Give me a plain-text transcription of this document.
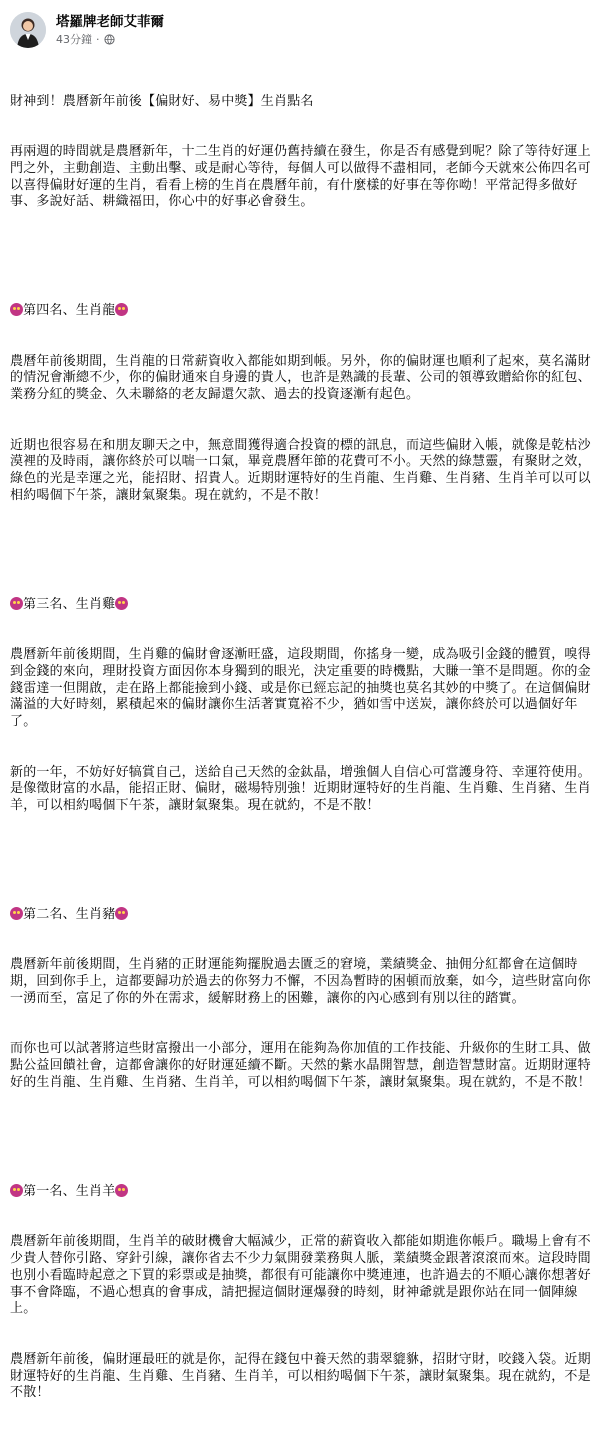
塔羅牌老師艾菲爾
43分鐘 ·

財神到！農曆新年前後【偏財好、易中獎】生肖點名

再兩週的時間就是農曆新年，十二生肖的好運仍舊持續在發生，你是否有感覺到呢？除了等待好運上門之外，主動創造、主動出擊、或是耐心等待，每個人可以做得不盡相同，老師今天就來公佈四名可以喜得偏財好運的生肖，看看上榜的生肖在農曆年前，有什麼樣的好事在等你呦！平常記得多做好事、多說好話、耕織福田，你心中的好事必會發生。

第四名、生肖龍

農曆年前後期間，生肖龍的日常薪資收入都能如期到帳。另外，你的偏財運也順利了起來，莫名滿財的情況會漸總不少，你的偏財通來自身邊的貴人，也許是熟識的長輩、公司的領導致贈給你的紅包、業務分紅的獎金、久未聯絡的老友歸還欠款、過去的投資逐漸有起色。

近期也很容易在和朋友聊天之中，無意間獲得適合投資的標的訊息，而這些偏財入帳，就像是乾枯沙漠裡的及時雨，讓你終於可以喘一口氣，畢竟農曆年節的花費可不小。天然的綠慧靈，有聚財之效，綠色的光是幸運之光，能招財、招貴人。近期財運特好的生肖龍、生肖雞、生肖豬、生肖羊可以可以相約喝個下午茶，讓財氣聚集。現在就約，不是不散！

第三名、生肖雞

農曆新年前後期間，生肖雞的偏財會逐漸旺盛，這段期間，你搖身一變，成為吸引金錢的體質，嗅得到金錢的來向，理財投資方面因你本身獨到的眼光，決定重要的時機點，大賺一筆不是問題。你的金錢雷達一但開啟，走在路上都能撿到小錢、或是你已經忘記的抽獎也莫名其妙的中獎了。在這個偏財滿溢的大好時刻，累積起來的偏財讓你生活著實寬裕不少，猶如雪中送炭，讓你終於可以過個好年了。

新的一年，不妨好好犒賞自己，送給自己天然的金鈦晶，增強個人自信心可當護身符、幸運符使用。是像徵財富的水晶，能招正財、偏財，磁場特別強！近期財運特好的生肖龍、生肖雞、生肖豬、生肖羊，可以相約喝個下午茶，讓財氣聚集。現在就約，不是不散！

第二名、生肖豬

農曆新年前後期間，生肖豬的正財運能夠擺脫過去匱乏的窘境，業績獎金、抽佣分紅都會在這個時期，回到你手上，這都要歸功於過去的你努力不懈，不因為暫時的困頓而放棄，如今，這些財富向你一湧而至，富足了你的外在需求，緩解財務上的困難，讓你的內心感到有別以往的踏實。

而你也可以試著將這些財富撥出一小部分，運用在能夠為你加值的工作技能、升級你的生財工具、做點公益回饋社會，這都會讓你的好財運延續不斷。天然的紫水晶開智慧，創造智慧財富。近期財運特好的生肖龍、生肖雞、生肖豬、生肖羊，可以相約喝個下午茶，讓財氣聚集。現在就約，不是不散！

第一名、生肖羊

農曆新年前後期間，生肖羊的破財機會大幅減少，正常的薪資收入都能如期進你帳戶。職場上會有不少貴人替你引路、穿針引線，讓你省去不少力氣開發業務與人脈，業績獎金跟著滾滾而來。這段時間也別小看臨時起意之下買的彩票或是抽獎，都很有可能讓你中獎連連，也許過去的不順心讓你想著好事不會降臨，不過心想真的會事成，請把握這個財運爆發的時刻，財神爺就是跟你站在同一個陣線上。

農曆新年前後，偏財運最旺的就是你，記得在錢包中養天然的翡翠貔貅，招財守財，咬錢入袋。近期財運特好的生肖龍、生肖雞、生肖豬、生肖羊，可以相約喝個下午茶，讓財氣聚集。現在就約，不是不散！
